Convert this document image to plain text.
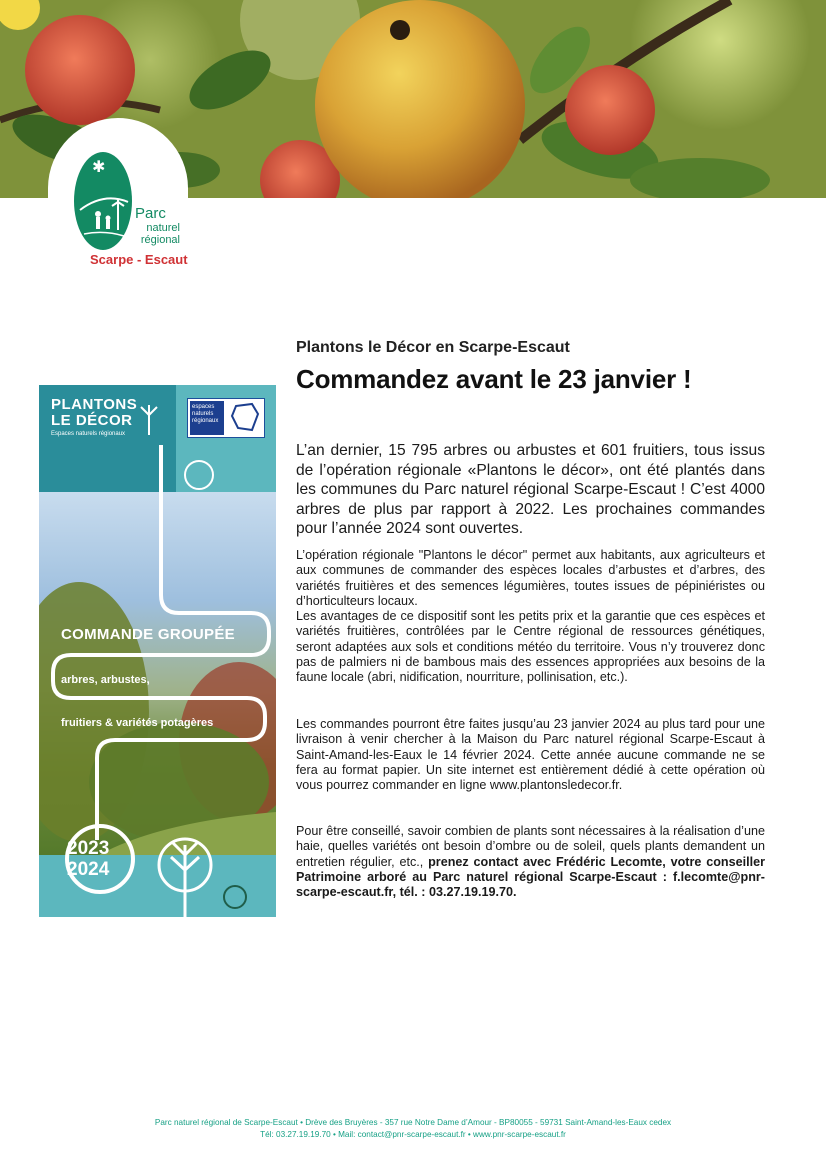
✱
Parc
naturel
régional
Scarpe - Escaut
Plantons le Décor en Scarpe-Escaut
Commandez avant le 23 janvier !
PLANTONS
LE DÉCOR
Espaces naturels régionaux
espaces
naturels
régionaux
COMMANDE GROUPÉE
arbres, arbustes,
fruitiers & variétés potagères
2023
2024
L’an dernier, 15 795 arbres ou arbustes et 601 fruitiers, tous issus de l’opération régionale «Plantons le décor», ont été plantés dans les communes du Parc naturel régional Scarpe-Escaut ! C’est 4000 arbres de plus par rapport à 2022. Les prochaines commandes pour l’année 2024 sont ouvertes.
L’opération régionale "Plantons le décor" permet aux habitants, aux agriculteurs et aux communes de commander des espèces locales d’arbustes et d’arbres, des variétés fruitières et des semences légumières, toutes issues de pépiniéristes ou d’horticulteurs locaux.
Les avantages de ce dispositif sont les petits prix et la garantie que ces espèces et variétés fruitières, contrôlées par le Centre régional de ressources génétiques, seront adaptées aux sols et conditions météo du territoire. Vous n’y trouverez donc pas de palmiers ni de bambous mais des essences appropriées aux besoins de la faune locale (abri, nidification, nourriture, pollinisation, etc.).
Les commandes pourront être faites jusqu’au 23 janvier 2024 au plus tard pour une livraison à venir chercher à la Maison du Parc naturel régional Scarpe-Escaut à Saint-Amand-les-Eaux le 14 février 2024. Cette année aucune commande ne se fera au format papier. Un site internet est entièrement dédié à cette opération où vous pourrez commander en ligne www.plantonsledecor.fr.
Pour être conseillé, savoir combien de plants sont nécessaires à la réalisation d’une haie, quelles variétés ont besoin d’ombre ou de soleil, quels plants demandent un entretien régulier, etc., prenez contact avec Frédéric Lecomte, votre conseiller Patrimoine arboré au Parc naturel régional Scarpe-Escaut : f.lecomte@pnr-scarpe-escaut.fr, tél. : 03.27.19.19.70.
Parc naturel régional de Scarpe-Escaut • Drève des Bruyères - 357 rue Notre Dame d’Amour - BP80055 - 59731 Saint-Amand-les-Eaux cedex
Tél: 03.27.19.19.70 • Mail: contact@pnr-scarpe-escaut.fr • www.pnr-scarpe-escaut.fr
